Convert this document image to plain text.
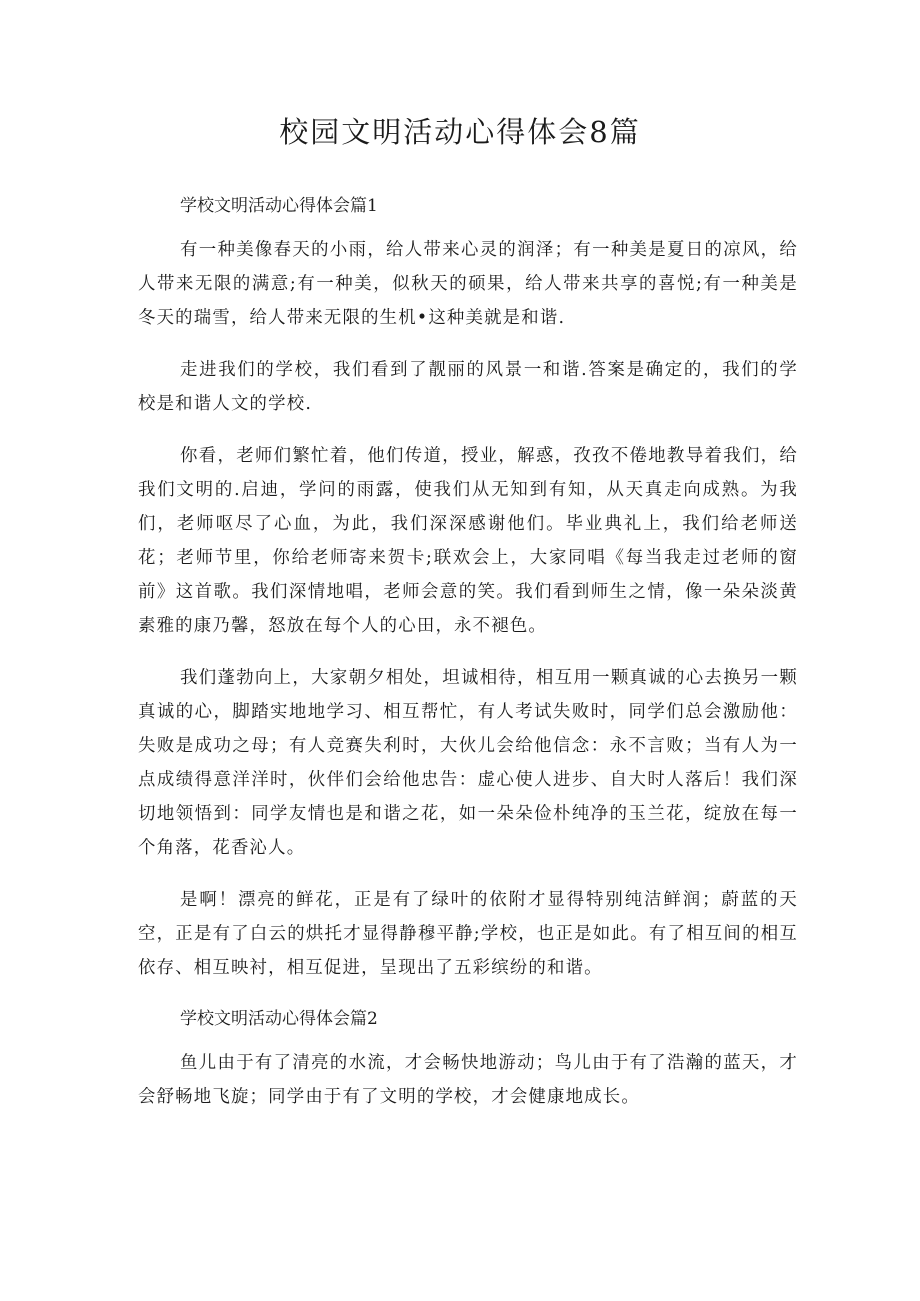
校园文明活动心得体会8篇

学校文明活动心得体会篇1

有一种美像春天的小雨，给人带来心灵的润泽；有一种美是夏日的凉风，给人带来无限的满意;有一种美，似秋天的硕果，给人带来共享的喜悦;有一种美是冬天的瑞雪，给人带来无限的生机•这种美就是和谐.

走进我们的学校，我们看到了靓丽的风景一和谐.答案是确定的，我们的学校是和谐人文的学校.

你看，老师们繁忙着，他们传道，授业，解惑，孜孜不倦地教导着我们，给我们文明的.启迪，学问的雨露，使我们从无知到有知，从天真走向成熟。为我们，老师呕尽了心血，为此，我们深深感谢他们。毕业典礼上，我们给老师送花；老师节里，你给老师寄来贺卡;联欢会上，大家同唱《每当我走过老师的窗前》这首歌。我们深情地唱，老师会意的笑。我们看到师生之情，像一朵朵淡黄素雅的康乃馨，怒放在每个人的心田，永不褪色。

我们蓬勃向上，大家朝夕相处，坦诚相待，相互用一颗真诚的心去换另一颗真诚的心，脚踏实地地学习、相互帮忙，有人考试失败时，同学们总会激励他：失败是成功之母；有人竞赛失利时，大伙儿会给他信念：永不言败；当有人为一点成绩得意洋洋时，伙伴们会给他忠告：虚心使人进步、自大时人落后！我们深切地领悟到：同学友情也是和谐之花，如一朵朵俭朴纯净的玉兰花，绽放在每一个角落，花香沁人。

是啊！漂亮的鲜花，正是有了绿叶的依附才显得特别纯洁鲜润；蔚蓝的天空，正是有了白云的烘托才显得静穆平静;学校，也正是如此。有了相互间的相互依存、相互映衬，相互促进，呈现出了五彩缤纷的和谐。

学校文明活动心得体会篇2

鱼儿由于有了清亮的水流，才会畅快地游动；鸟儿由于有了浩瀚的蓝天，才会舒畅地飞旋；同学由于有了文明的学校，才会健康地成长。
